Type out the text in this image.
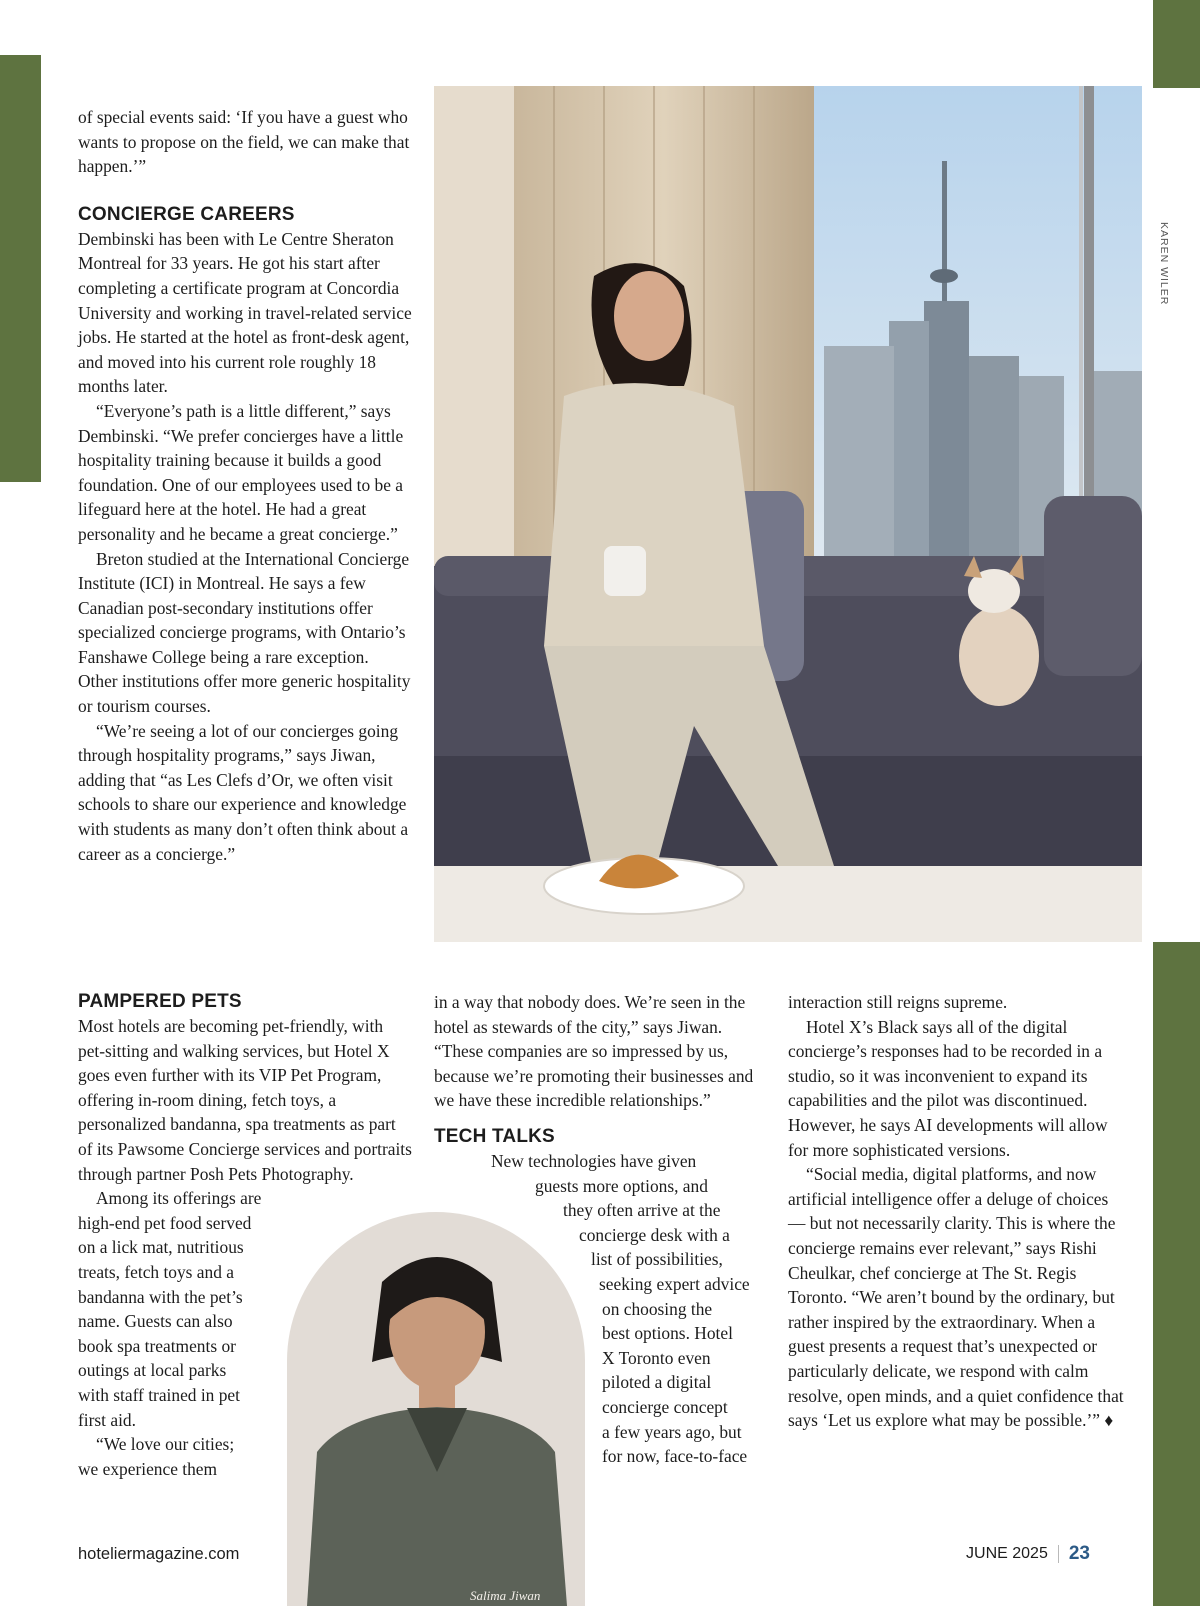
of special events said: ‘If you have a guest who wants to propose on the field, we can make that happen.’”

CONCIERGE CAREERS

Dembinski has been with Le Centre Sheraton Montreal for 33 years. He got his start after completing a certificate program at Concordia University and working in travel-related service jobs. He started at the hotel as front-desk agent, and moved into his current role roughly 18 months later.

“Everyone’s path is a little different,” says Dembinski. “We prefer concierges have a little hospitality training because it builds a good foundation. One of our employees used to be a lifeguard here at the hotel. He had a great personality and he became a great concierge.”

Breton studied at the International Concierge Institute (ICI) in Montreal. He says a few Canadian post-secondary institutions offer specialized concierge programs, with Ontario’s Fanshawe College being a rare exception.

Other institutions offer more generic hospitality or tourism courses.

“We’re seeing a lot of our concierges going through hospitality programs,” says Jiwan, adding that “as Les Clefs d’Or, we often visit schools to share our experience and knowledge with students as many don’t often think about a career as a concierge.”

PAMPERED PETS

Most hotels are becoming pet-friendly, with pet-sitting and walking services, but Hotel X goes even further with its VIP Pet Program, offering in-room dining, fetch toys, a personalized bandanna, spa treatments as part of its Pawsome Concierge services and portraits through partner Posh Pets Photography.

Among its offerings are
high-end pet food served
on a lick mat, nutritious
treats, fetch toys and a
bandanna with the pet’s
name. Guests can also
book spa treatments or
outings at local parks
with staff trained in pet
first aid.
“We love our cities;
we experience them

in a way that nobody does. We’re seen in the hotel as stewards of the city,” says Jiwan. “These companies are so impressed by us, because we’re promoting their businesses and we have these incredible relationships.”

TECH TALKS
New technologies have given
guests more options, and
they often arrive at the
concierge desk with a
list of possibilities,
seeking expert advice
on choosing the
best options. Hotel
X Toronto even
piloted a digital
concierge concept
a few years ago, but
for now, face-to-face

interaction still reigns supreme.

Hotel X’s Black says all of the digital concierge’s responses had to be recorded in a studio, so it was inconvenient to expand its capabilities and the pilot was discontinued. However, he says AI developments will allow for more sophisticated versions.

“Social media, digital platforms, and now artificial intelligence offer a deluge of choices — but not necessarily clarity. This is where the concierge remains ever relevant,” says Rishi Cheulkar, chef concierge at The St. Regis Toronto. “We aren’t bound by the ordinary, but rather inspired by the extraordinary. When a guest presents a request that’s unexpected or particularly delicate, we respond with calm resolve, open minds, and a quiet confidence that says ‘Let us explore what may be possible.’” ♦

KAREN WILER
Salima Jiwan
hoteliermagazine.com	JUNE 2025 23
